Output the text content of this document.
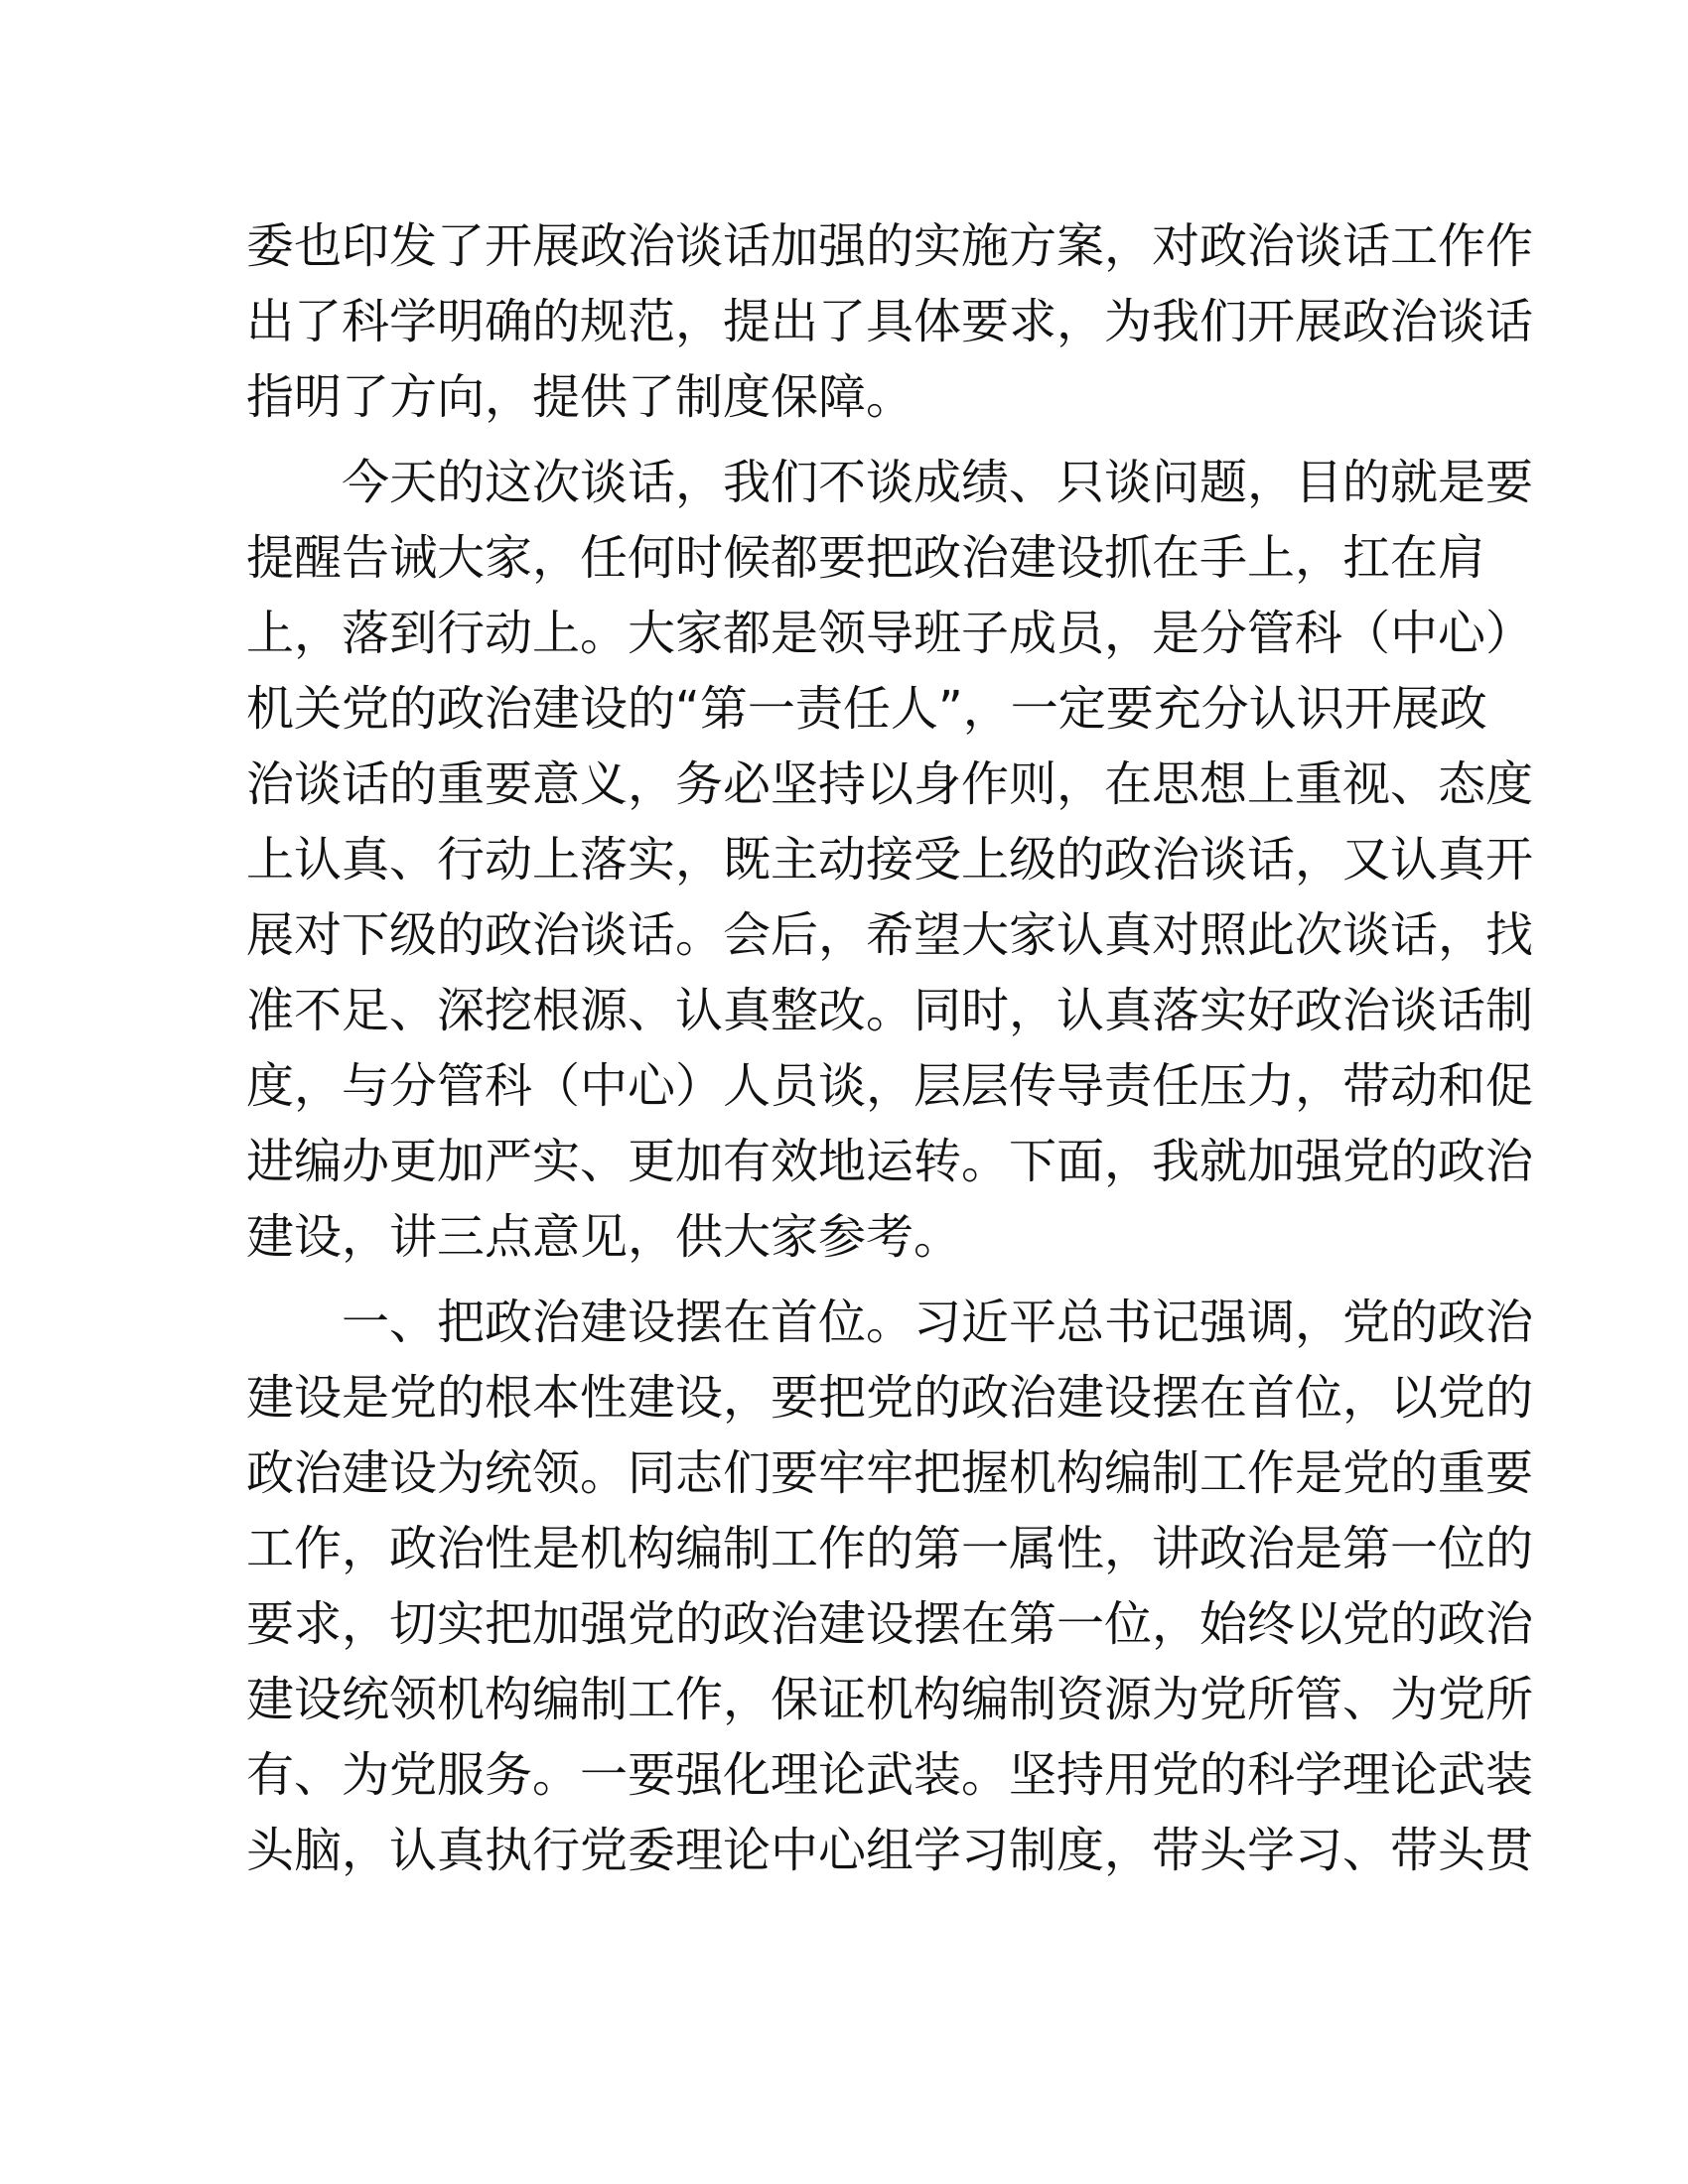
委也印发了开展政治谈话加强的实施方案，对政治谈话工作作
出了科学明确的规范，提出了具体要求，为我们开展政治谈话
指明了方向，提供了制度保障。

今天的这次谈话，我们不谈成绩、只谈问题，目的就是要
提醒告诫大家，任何时候都要把政治建设抓在手上，扛在肩
上，落到行动上。大家都是领导班子成员，是分管科（中心）
机关党的政治建设的“第一责任人”，一定要充分认识开展政
治谈话的重要意义，务必坚持以身作则，在思想上重视、态度
上认真、行动上落实，既主动接受上级的政治谈话，又认真开
展对下级的政治谈话。会后，希望大家认真对照此次谈话，找
准不足、深挖根源、认真整改。同时，认真落实好政治谈话制
度，与分管科（中心）人员谈，层层传导责任压力，带动和促
进编办更加严实、更加有效地运转。下面，我就加强党的政治
建设，讲三点意见，供大家参考。

一、把政治建设摆在首位。习近平总书记强调，党的政治
建设是党的根本性建设，要把党的政治建设摆在首位，以党的
政治建设为统领。同志们要牢牢把握机构编制工作是党的重要
工作，政治性是机构编制工作的第一属性，讲政治是第一位的
要求，切实把加强党的政治建设摆在第一位，始终以党的政治
建设统领机构编制工作，保证机构编制资源为党所管、为党所
有、为党服务。一要强化理论武装。坚持用党的科学理论武装
头脑，认真执行党委理论中心组学习制度，带头学习、带头贯
